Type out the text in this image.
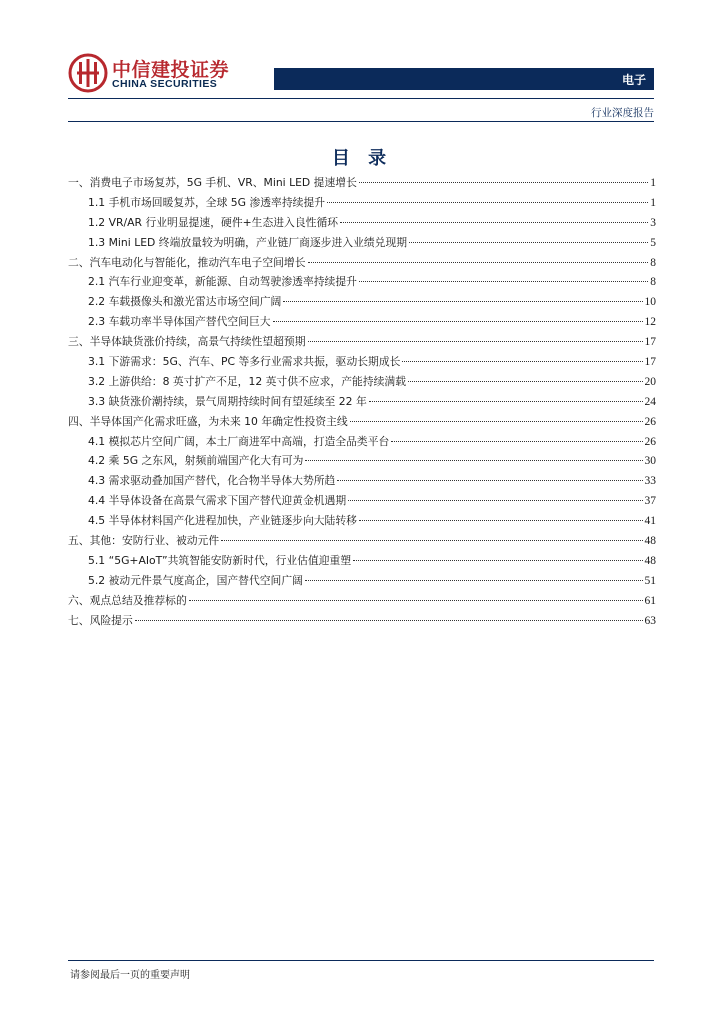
中信建投证券
CHINA SECURITIES	电子
行业深度报告
目 录
一、消费电子市场复苏，5G 手机、VR、Mini LED 提速增长	1
1.1 手机市场回暖复苏，全球 5G 渗透率持续提升	1
1.2 VR/AR 行业明显提速，硬件+生态进入良性循环	3
1.3 Mini LED 终端放量较为明确，产业链厂商逐步进入业绩兑现期	5
二、汽车电动化与智能化，推动汽车电子空间增长	8
2.1 汽车行业迎变革，新能源、自动驾驶渗透率持续提升	8
2.2 车载摄像头和激光雷达市场空间广阔	10
2.3 车载功率半导体国产替代空间巨大	12
三、半导体缺货涨价持续，高景气持续性望超预期	17
3.1 下游需求：5G、汽车、PC 等多行业需求共振，驱动长期成长	17
3.2 上游供给：8 英寸扩产不足，12 英寸供不应求，产能持续满载	20
3.3 缺货涨价潮持续，景气周期持续时间有望延续至 22 年	24
四、半导体国产化需求旺盛，为未来 10 年确定性投资主线	26
4.1 模拟芯片空间广阔，本土厂商进军中高端，打造全品类平台	26
4.2 乘 5G 之东风，射频前端国产化大有可为	30
4.3 需求驱动叠加国产替代，化合物半导体大势所趋	33
4.4 半导体设备在高景气需求下国产替代迎黄金机遇期	37
4.5 半导体材料国产化进程加快，产业链逐步向大陆转移	41
五、其他：安防行业、被动元件	48
5.1 “5G+AIoT”共筑智能安防新时代，行业估值迎重塑	48
5.2 被动元件景气度高企，国产替代空间广阔	51
六、观点总结及推荐标的	61
七、风险提示	63
请参阅最后一页的重要声明
